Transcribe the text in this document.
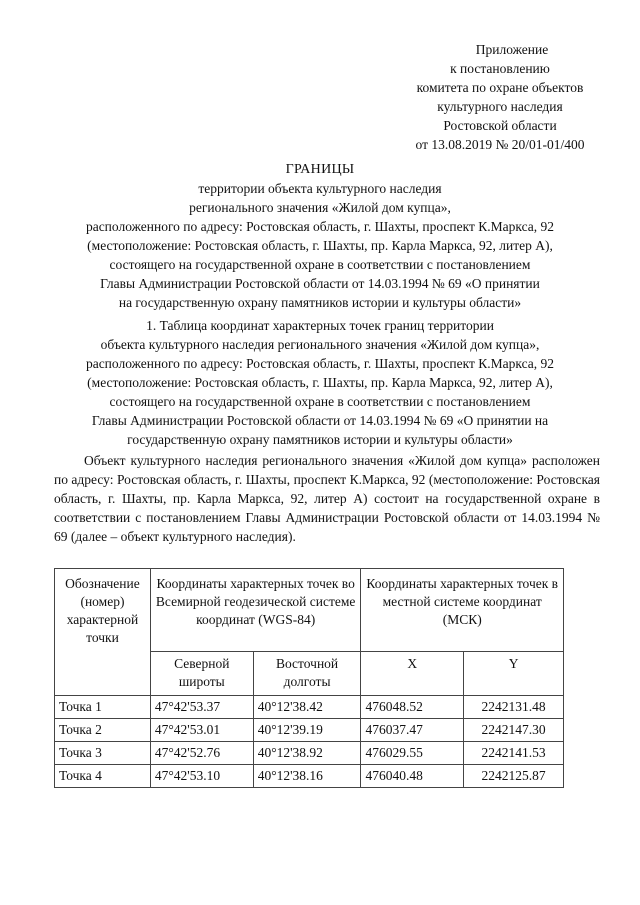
Приложение
к постановлению
комитета по охране объектов
культурного наследия
Ростовской области
от 13.08.2019 № 20/01-01/400
ГРАНИЦЫ
территории объекта культурного наследия
регионального значения «Жилой дом купца»,
расположенного по адресу: Ростовская область, г. Шахты, проспект К.Маркса, 92
(местоположение: Ростовская область, г. Шахты, пр. Карла Маркса, 92, литер А),
состоящего на государственной охране в соответствии с постановлением
Главы Администрации Ростовской области от 14.03.1994 № 69 «О принятии
на государственную охрану памятников истории и культуры области»
1. Таблица координат характерных точек границ территории
объекта культурного наследия регионального значения «Жилой дом купца»,
расположенного по адресу: Ростовская область, г. Шахты, проспект К.Маркса, 92
(местоположение: Ростовская область, г. Шахты, пр. Карла Маркса, 92, литер А),
состоящего на государственной охране в соответствии с постановлением
Главы Администрации Ростовской области от 14.03.1994 № 69 «О принятии на
государственную охрану памятников истории и культуры области»
Объект культурного наследия регионального значения «Жилой дом купца» расположен по адресу: Ростовская область, г. Шахты, проспект К.Маркса, 92 (местоположение: Ростовская область, г. Шахты, пр. Карла Маркса, 92, литер А) состоит на государственной охране в соответствии с постановлением Главы Администрации Ростовской области от 14.03.1994 № 69 (далее – объект культурного наследия).
Обозначение (номер) характерной точки	Координаты характерных точек во Всемирной геодезической системе координат (WGS-84)		Координаты характерных точек в местной системе координат (МСК)	
	Северной широты	Восточной долготы	X	Y
Точка 1	47°42'53.37	40°12'38.42	476048.52	2242131.48
Точка 2	47°42'53.01	40°12'39.19	476037.47	2242147.30
Точка 3	47°42'52.76	40°12'38.92	476029.55	2242141.53
Точка 4	47°42'53.10	40°12'38.16	476040.48	2242125.87
